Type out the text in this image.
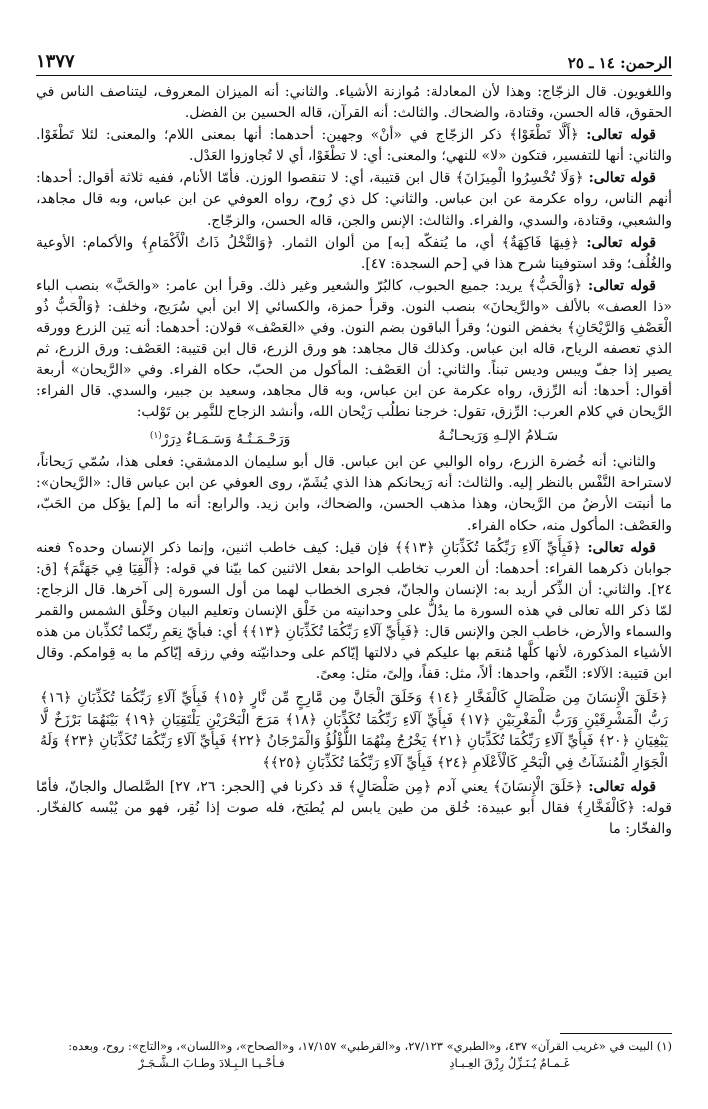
الرحمن: ١٤ ـ ٢٥
١٣٧٧

واللغويون. قال الزجّاج: وهذا لأن المعادلة: مُوازنة الأشياء. والثاني: أنه الميزان المعروف، ليتناصف الناس في الحقوق، قاله الحسن، وقتادة، والضحاك. والثالث: أنه القرآن، قاله الحسين بن الفضل.

قوله تعالى: ﴿أَلَّا تَطْغَوْا﴾ ذكر الزجّاج في «أنْ» وجهين: أحدهما: أنها بمعنى اللام؛ والمعنى: لئلا تَطْغَوْا. والثاني: أنها للتفسير، فتكون «لا» للنهي؛ والمعنى: أي: لا تطْغَوْا، أي لا تُجاوزوا العَدْل.

قوله تعالى: ﴿وَلَا تُخْسِرُوا الْمِيزَانَ﴾ قال ابن قتيبة، أي: لا تنقصوا الوزن. فأمّا الأنام، ففيه ثلاثة أقوال: أحدها: أنهم الناس، رواه عكرمة عن ابن عباس. والثاني: كل ذي رُوح، رواه العوفي عن ابن عباس، وبه قال مجاهد، والشعبي، وقتادة، والسدي، والفراء. والثالث: الإنس والجن، قاله الحسن، والزجّاج.

قوله تعالى: ﴿فِيهَا فَاكِهَةٌ﴾ أي، ما يُتفكّه [به] من ألوان الثمار. ﴿وَالنَّخْلُ ذَاتُ الْأَكْمَامِ﴾ والأكمام: الأوعية والغُلُف؛ وقد استوفينا شرح هذا في [حم السجدة: ٤٧].

قوله تعالى: ﴿وَالْحَبُّ﴾ يريد: جميع الحبوب، كالبُرّ والشعير وغير ذلك. وقرأ ابن عامر: «والحَبَّ» بنصب الباء «ذا العصف» بالألف «والرَّيحانَ» بنصب النون. وقرأ حمزة، والكسائي إلا ابن أبي سُرَيج، وخلف: ﴿وَالْحَبُّ ذُو الْعَصْفِ وَالرَّيْحَانِ﴾ بخفض النون؛ وقرأ الباقون بضم النون. وفي «العَصْف» قولان: أحدهما: أنه تِبن الزرع وورقه الذي تعصفه الرياح، قاله ابن عباس. وكذلك قال مجاهد: هو ورق الزرع، قال ابن قتيبة: العَصْف: ورق الزرع، ثم يصير إذا جفّ ويبس وديس تبناً. والثاني: أن العَصْف: المأكول من الحبّ، حكاه الفراء. وفي «الرَّيحان» أربعة أقوال: أحدها: أنه الرِّزق، رواه عكرمة عن ابن عباس، وبه قال مجاهد، وسعيد بن جبير، والسدي. قال الفراء: الرَّيحان في كلام العرب: الرِّزق، تقول: خرجنا نطلُب رَيْحان الله، وأنشد الزجاج للنَّمِر بن تَوْلب:

سَـلامُ الإلـهِ وَرَيحـانُـهُ
وَرَحْـمَـتُـهُ وَسَـمَـاءٌ دِرَرْ$^{(١)}$

والثاني: أنه خُضرة الزرع، رواه الوالبي عن ابن عباس. قال أبو سليمان الدمشقي: فعلى هذا، سُمّي رَيحاناً، لاستراحة النَّفْس بالنظر إليه. والثالث: أنه رَيحانكم هذا الذي يُشَمّ، روى العوفي عن ابن عباس قال: «الرَّيحان»: ما أنبتت الأرضُ من الرَّيحان، وهذا مذهب الحسن، والضحاك، وابن زيد. والرابع: أنه ما [لم] يؤكل من الحَبّ، والعَصْف: المأكول منه، حكاه الفراء.

قوله تعالى: ﴿فَبِأَيِّ آلَاءِ رَبِّكُمَا تُكَذِّبَانِ ﴿١٣﴾﴾ فإن قيل: كيف خاطب اثنين، وإنما ذكر الإنسان وحده؟ فعنه جوابان ذكرهما الفراء: أحدهما: أن العرب تخاطب الواحد بفعل الاثنين كما بيّنا في قوله: ﴿أَلْقِيَا فِي جَهَنَّمَ﴾ [ق: ٢٤]. والثاني: أن الذِّكر أريد به: الإنسان والجانّ، فجرى الخطاب لهما من أول السورة إلى آخرها. قال الزجاج: لمّا ذكر الله تعالى في هذه السورة ما يدُلُّ على وحدانيته من خَلْق الإنسان وتعليم البيان وخَلْق الشمس والقمر والسماء والأرض، خاطب الجن والإنس قال: ﴿فَبِأَيِّ آلَاءِ رَبِّكُمَا تُكَذِّبَانِ ﴿١٣﴾﴾ أي: فبأيّ نِعَمِ ربِّكما تُكذِّبان من هذه الأشياء المذكورة، لأنها كلَّها مُنعَم بها عليكم في دلالتها إيّاكم على وحدانيّته وفي رزقه إيّاكم ما به قِوامكم. وقال ابن قتيبة: الآلاء: النِّعَم، واحدها: ألاً، مثل: قفاً، وإلىً، مثل: مِعىً.

﴿خَلَقَ الْإِنسَانَ مِن صَلْصَالٍ كَالْفَخَّارِ ﴿١٤﴾ وَخَلَقَ الْجَانَّ مِن مَّارِجٍ مِّن نَّارٍ ﴿١٥﴾ فَبِأَيِّ آلَاءِ رَبِّكُمَا تُكَذِّبَانِ ﴿١٦﴾ رَبُّ الْمَشْرِقَيْنِ وَرَبُّ الْمَغْرِبَيْنِ ﴿١٧﴾ فَبِأَيِّ آلَاءِ رَبِّكُمَا تُكَذِّبَانِ ﴿١٨﴾ مَرَجَ الْبَحْرَيْنِ يَلْتَقِيَانِ ﴿١٩﴾ بَيْنَهُمَا بَرْزَخٌ لَّا يَبْغِيَانِ ﴿٢٠﴾ فَبِأَيِّ آلَاءِ رَبِّكُمَا تُكَذِّبَانِ ﴿٢١﴾ يَخْرُجُ مِنْهُمَا اللُّؤْلُؤُ وَالْمَرْجَانُ ﴿٢٢﴾ فَبِأَيِّ آلَاءِ رَبِّكُمَا تُكَذِّبَانِ ﴿٢٣﴾ وَلَهُ الْجَوَارِ الْمُنشَآتُ فِي الْبَحْرِ كَالْأَعْلَامِ ﴿٢٤﴾ فَبِأَيِّ آلَاءِ رَبِّكُمَا تُكَذِّبَانِ ﴿٢٥﴾﴾

قوله تعالى: ﴿خَلَقَ الْإِنسَانَ﴾ يعني آدم ﴿مِن صَلْصَالٍ﴾ قد ذكرنا في [الحجر: ٢٦، ٢٧] الصَّلصال والجانّ، فأمّا قوله: ﴿كَالْفَخَّارِ﴾ فقال أبو عبيدة: خُلق من طين يابس لم يُطبَخ، فله صوت إذا نُقِر، فهو من يُبْسه كالفخّار. والفخّار: ما

(١) البيت في «غريب القرآن» ٤٣٧، و«الطبري» ٢٧/١٢٣، و«القرطبي» ١٧/١٥٧، و«الصحاح»، و«اللسان»، و«التاج»: روح، وبعده:
غَـمـامٌ يُـنَـزِّلُ رِزْقَ العِـبـادِ
فـأحْـيـا الـبِـلادَ وطـابَ الـشَّـجَـرْ
